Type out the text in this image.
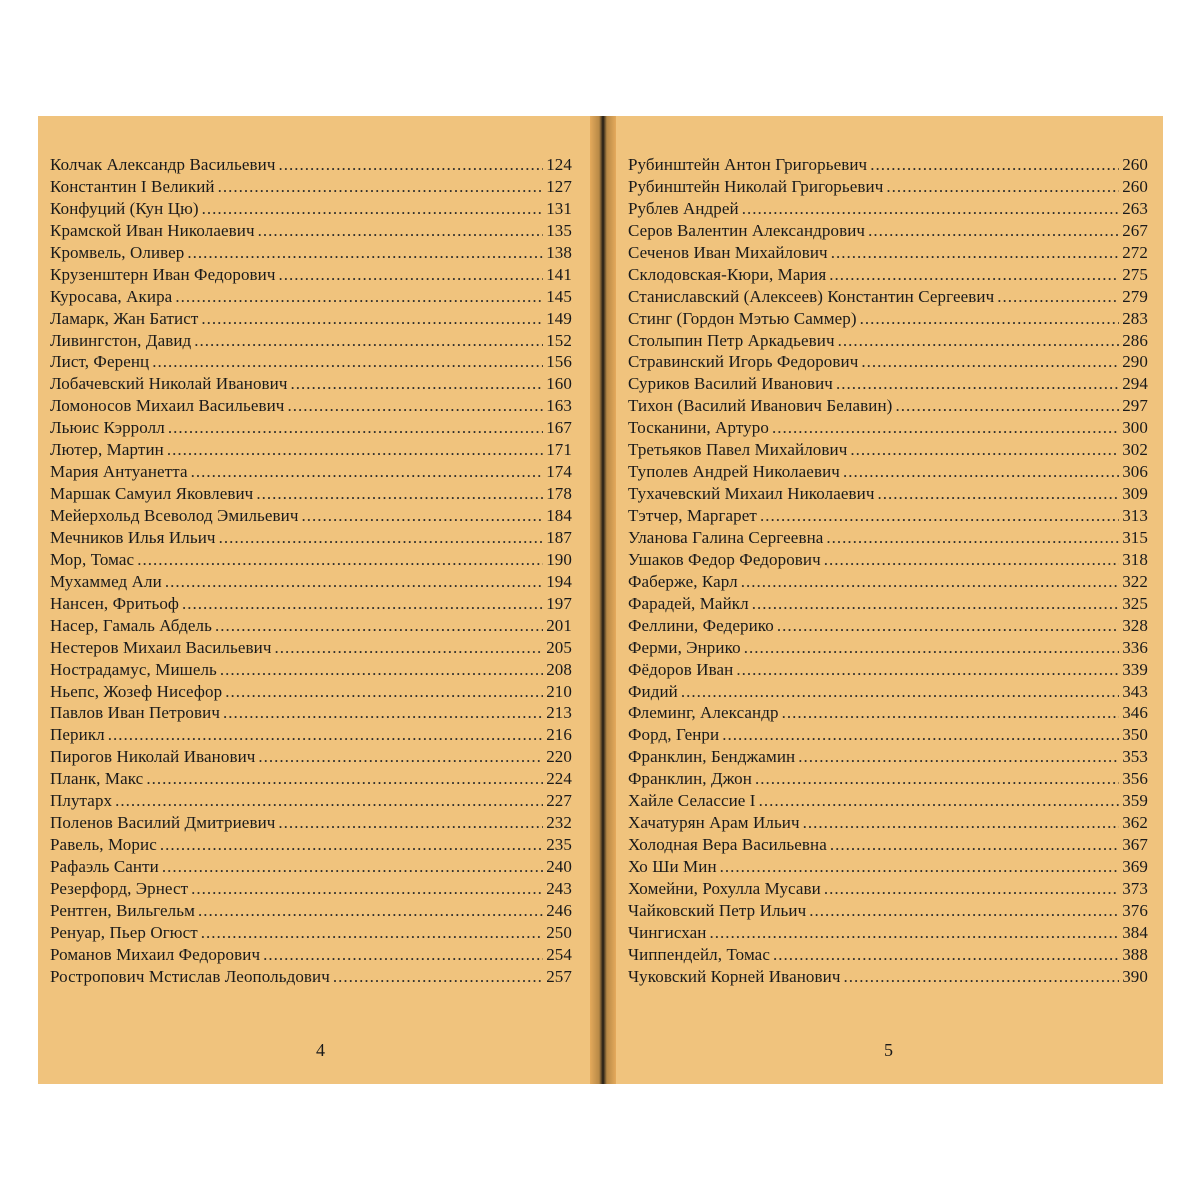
Колчак Александр Васильевич .....	124
Константин I Великий .....	127
Конфуций (Кун Цю) .....	131
Крамской Иван Николаевич .....	135
Кромвель, Оливер .....	138
Крузенштерн Иван Федорович .....	141
Куросава, Акира .....	145
Ламарк, Жан Батист .....	149
Ливингстон, Давид .....	152
Лист, Ференц .....	156
Лобачевский Николай Иванович .....	160
Ломоносов Михаил Васильевич .....	163
Льюис Кэрролл .....	167
Лютер, Мартин .....	171
Мария Антуанетта .....	174
Маршак Самуил Яковлевич .....	178
Мейерхольд Всеволод Эмильевич .....	184
Мечников Илья Ильич .....	187
Мор, Томас .....	190
Мухаммед Али .....	194
Нансен, Фритьоф .....	197
Насер, Гамаль Абдель .....	201
Нестеров Михаил Васильевич .....	205
Нострадамус, Мишель .....	208
Ньепс, Жозеф Нисефор .....	210
Павлов Иван Петрович .....	213
Перикл .....	216
Пирогов Николай Иванович .....	220
Планк, Макс .....	224
Плутарх .....	227
Поленов Василий Дмитриевич .....	232
Равель, Морис .....	235
Рафаэль Санти .....	240
Резерфорд, Эрнест .....	243
Рентген, Вильгельм .....	246
Ренуар, Пьер Огюст .....	250
Романов Михаил Федорович .....	254
Ростропович Мстислав Леопольдович .....	257
4
Рубинштейн Антон Григорьевич .....	260
Рубинштейн Николай Григорьевич .....	260
Рублев Андрей .....	263
Серов Валентин Александрович .....	267
Сеченов Иван Михайлович .....	272
Склодовская-Кюри, Мария .....	275
Станиславский (Алексеев) Константин Сергеевич .....	279
Стинг (Гордон Мэтью Саммер) .....	283
Столыпин Петр Аркадьевич .....	286
Стравинский Игорь Федорович .....	290
Суриков Василий Иванович .....	294
Тихон (Василий Иванович Белавин) .....	297
Тосканини, Артуро .....	300
Третьяков Павел Михайлович .....	302
Туполев Андрей Николаевич .....	306
Тухачевский Михаил Николаевич .....	309
Тэтчер, Маргарет .....	313
Уланова Галина Сергеевна .....	315
Ушаков Федор Федорович .....	318
Фаберже, Карл .....	322
Фарадей, Майкл .....	325
Феллини, Федерико .....	328
Ферми, Энрико .....	336
Фёдоров Иван .....	339
Фидий .....	343
Флеминг, Александр .....	346
Форд, Генри .....	350
Франклин, Бенджамин .....	353
Франклин, Джон .....	356
Хайле Селассие I .....	359
Хачатурян Арам Ильич .....	362
Холодная Вера Васильевна .....	367
Хо Ши Мин .....	369
Хомейни, Рохулла Мусави .....	373
Чайковский Петр Ильич .....	376
Чингисхан .....	384
Чиппендейл, Томас .....	388
Чуковский Корней Иванович .....	390
5
